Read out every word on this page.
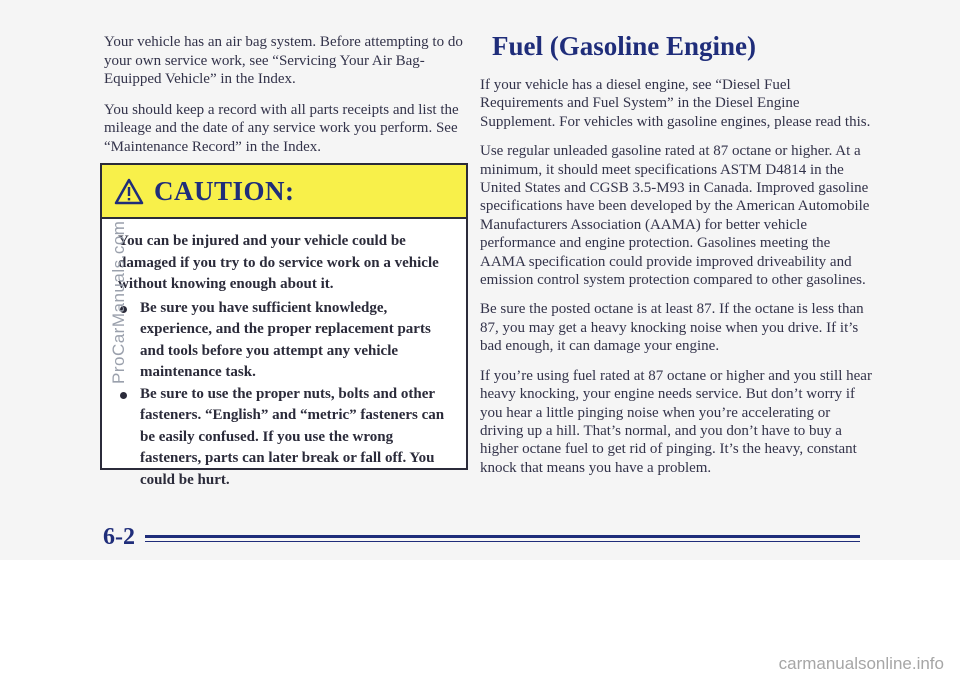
Your vehicle has an air bag system. Before attempting to do your own service work, see “Servicing Your Air Bag-Equipped Vehicle” in the Index.

You should keep a record with all parts receipts and list the mileage and the date of any service work you perform. See “Maintenance Record” in the Index.

CAUTION:

You can be injured and your vehicle could be damaged if you try to do service work on a vehicle without knowing enough about it.

Be sure you have sufficient knowledge, experience, and the proper replacement parts and tools before you attempt any vehicle maintenance task.
Be sure to use the proper nuts, bolts and other fasteners. “English” and “metric” fasteners can be easily confused. If you use the wrong fasteners, parts can later break or fall off. You could be hurt.
Fuel (Gasoline Engine)

If your vehicle has a diesel engine, see “Diesel Fuel Requirements and Fuel System” in the Diesel Engine Supplement. For vehicles with gasoline engines, please read this.

Use regular unleaded gasoline rated at 87 octane or higher. At a minimum, it should meet specifications ASTM D4814 in the United States and CGSB 3.5-M93 in Canada. Improved gasoline specifications have been developed by the American Automobile Manufacturers Association (AAMA) for better vehicle performance and engine protection. Gasolines meeting the AAMA specification could provide improved driveability and emission control system protection compared to other gasolines.

Be sure the posted octane is at least 87. If the octane is less than 87, you may get a heavy knocking noise when you drive. If it’s bad enough, it can damage your engine.

If you’re using fuel rated at 87 octane or higher and you still hear heavy knocking, your engine needs service. But don’t worry if you hear a little pinging noise when you’re accelerating or driving up a hill. That’s normal, and you don’t have to buy a higher octane fuel to get rid of pinging. It’s the heavy, constant knock that means you have a problem.

6-2
ProCarManuals.com
carmanualsonline.info
